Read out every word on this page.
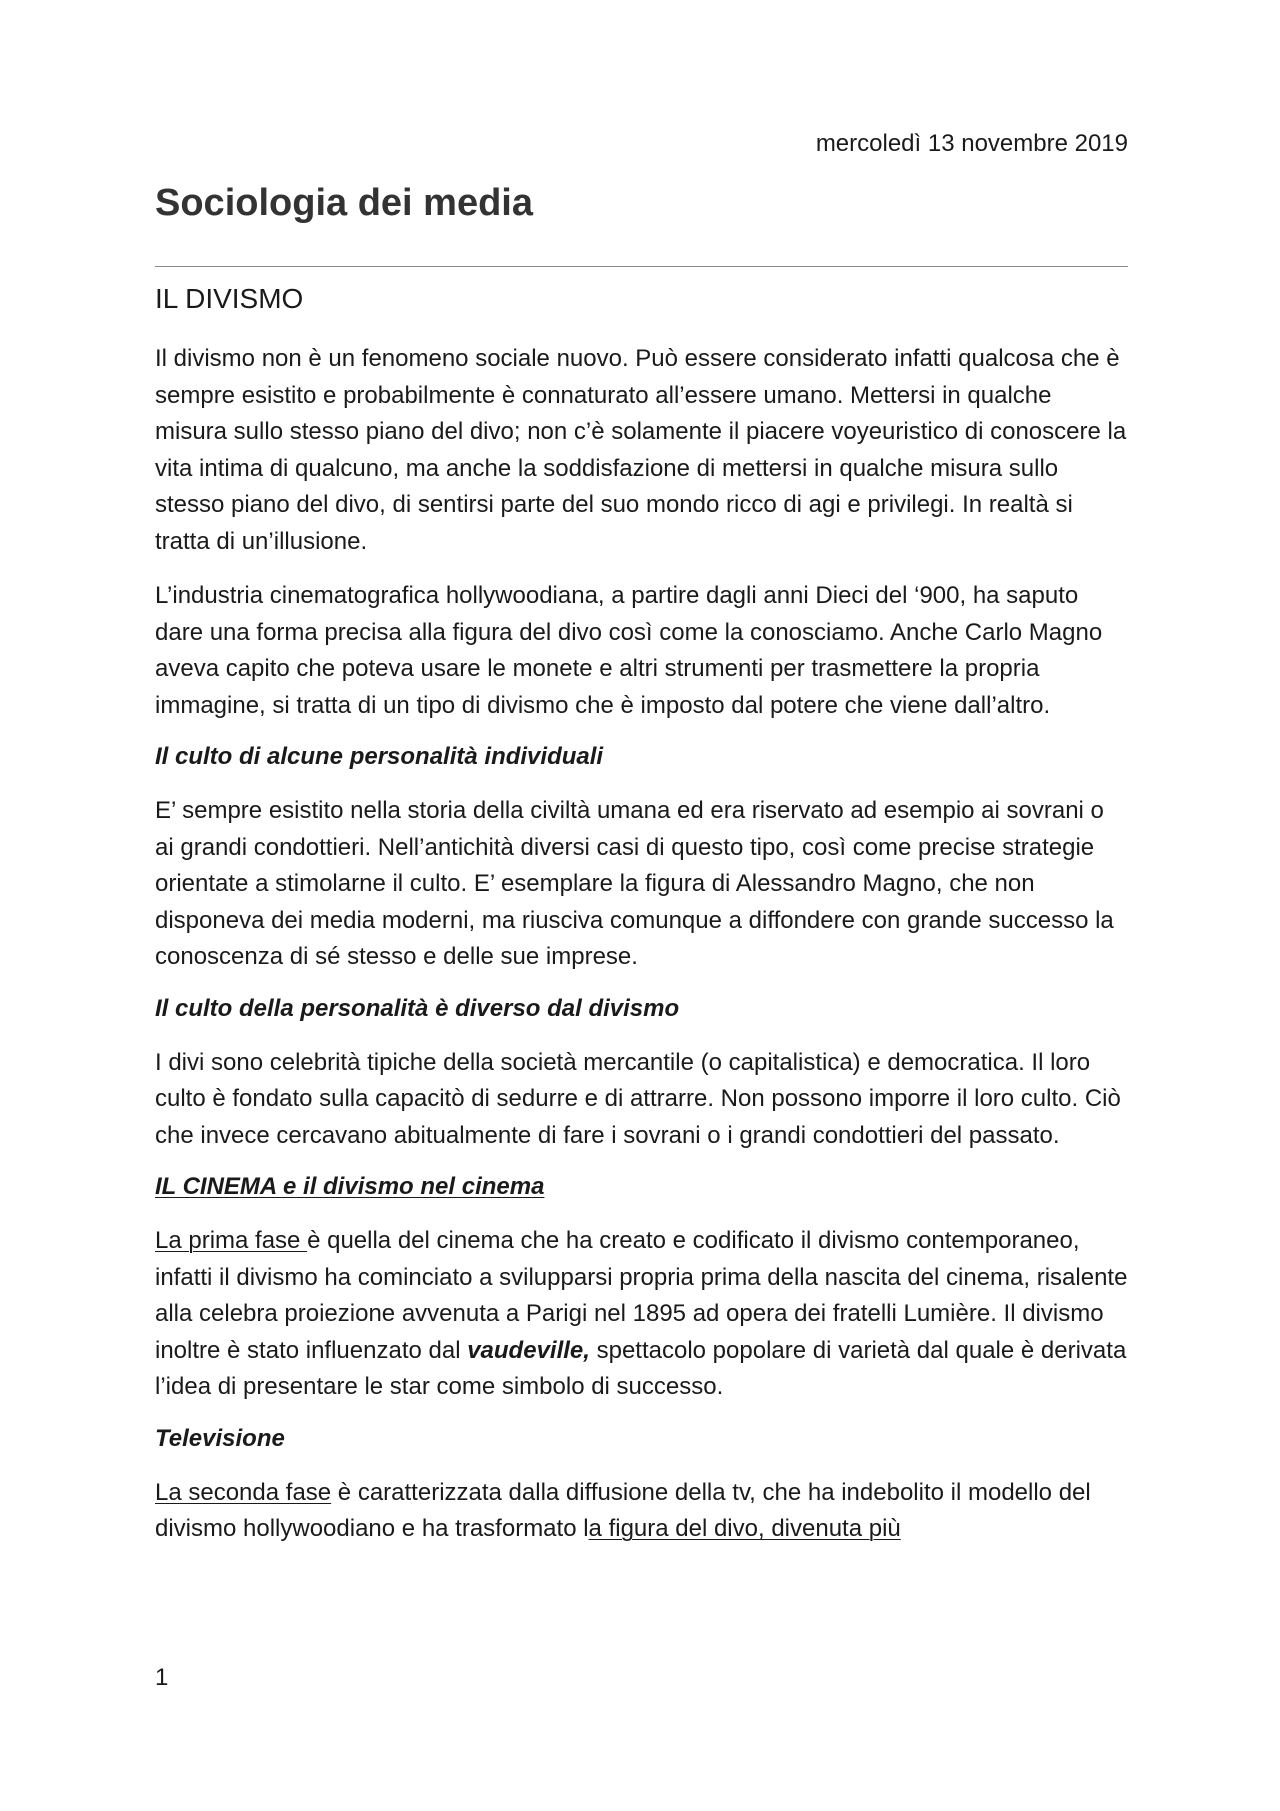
mercoledì 13 novembre 2019

Sociologia dei media
IL DIVISMO

Il divismo non è un fenomeno sociale nuovo. Può essere considerato infatti qualcosa che è sempre esistito e probabilmente è connaturato all’essere umano. Mettersi in qualche misura sullo stesso piano del divo; non c’è solamente il piacere voyeuristico di conoscere la vita intima di qualcuno, ma anche la soddisfazione di mettersi in qualche misura sullo stesso piano del divo, di sentirsi parte del suo mondo ricco di agi e privilegi. In realtà si tratta di un’illusione.

L’industria cinematografica hollywoodiana, a partire dagli anni Dieci del ‘900, ha saputo dare una forma precisa alla figura del divo così come la conosciamo. Anche Carlo Magno aveva capito che poteva usare le monete e altri strumenti per trasmettere la propria immagine, si tratta di un tipo di divismo che è imposto dal potere che viene dall’altro.

Il culto di alcune personalità individuali

E’ sempre esistito nella storia della civiltà umana ed era riservato ad esempio ai sovrani o ai grandi condottieri. Nell’antichità diversi casi di questo tipo, così come precise strategie orientate a stimolarne il culto. E’ esemplare la figura di Alessandro Magno, che non disponeva dei media moderni, ma riusciva comunque a diffondere con grande successo la conoscenza di sé stesso e delle sue imprese.

Il culto della personalità è diverso dal divismo

I divi sono celebrità tipiche della società mercantile (o capitalistica) e democratica. Il loro culto è fondato sulla capacitò di sedurre e di attrarre. Non possono imporre il loro culto. Ciò che invece cercavano abitualmente di fare i sovrani o i grandi condottieri del passato.

IL CINEMA e il divismo nel cinema

La prima fase è quella del cinema che ha creato e codificato il divismo contemporaneo, infatti il divismo ha cominciato a svilupparsi propria prima della nascita del cinema, risalente alla celebra proiezione avvenuta a Parigi nel 1895 ad opera dei fratelli Lumière. Il divismo inoltre è stato influenzato dal vaudeville, spettacolo popolare di varietà dal quale è derivata l’idea di presentare le star come simbolo di successo.

Televisione

La seconda fase è caratterizzata dalla diffusione della tv, che ha indebolito il modello del divismo hollywoodiano e ha trasformato la figura del divo, divenuta più

1
